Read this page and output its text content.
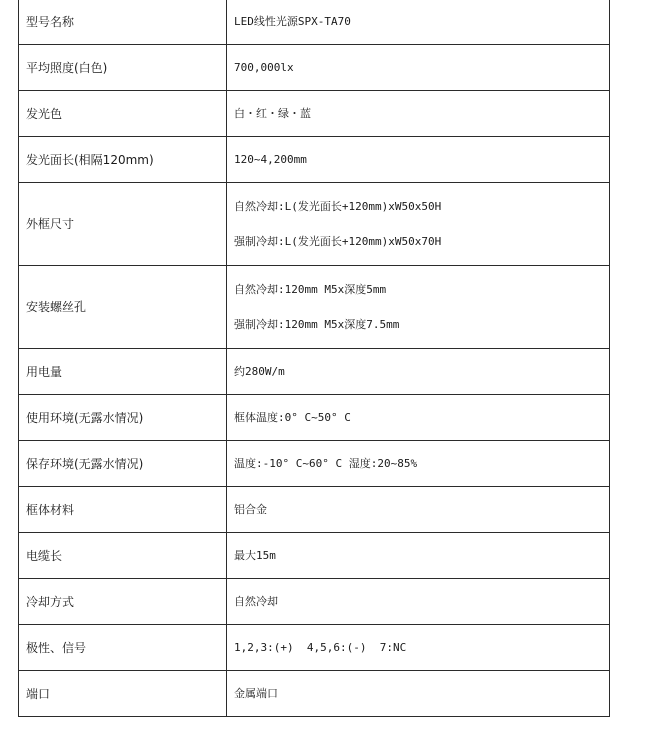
型号名称	LED线性光源SPX-TA70

平均照度(白色)	700,000lx

发光色	白・红・绿・蓝

发光面长(相隔120mm)	120~4,200mm

外框尺寸	自然冷却:L(发光面长+120mm)xW50x50H
强制冷却:L(发光面长+120mm)xW50x70H

安装螺丝孔	自然冷却:120mm M5x深度5mm
强制冷却:120mm M5x深度7.5mm

用电量	约280W/m

使用环境(无露水情况)	框体温度:0° C~50° C

保存环境(无露水情况)	温度:-10° C~60° C 湿度:20~85%

框体材料	铝合金

电缆长	最大15m

冷却方式	自然冷却

极性、信号	1,2,3:(+)  4,5,6:(-)  7:NC

端口	金属端口
